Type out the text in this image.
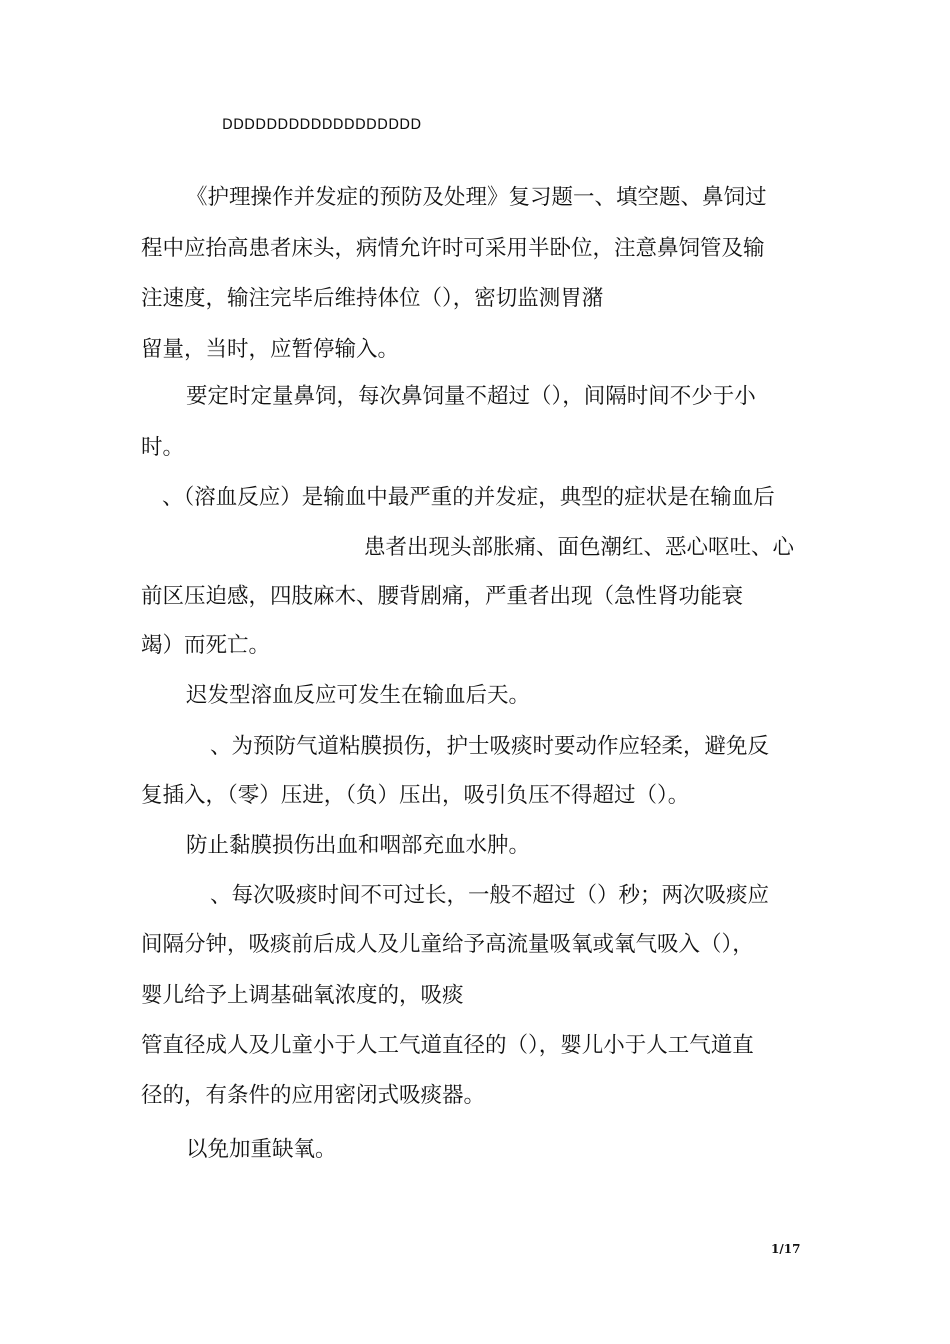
DDDDDDDDDDDDDDDDDD
《护理操作并发症的预防及处理》复习题一、填空题、鼻饲过
程中应抬高患者床头，病情允许时可采用半卧位，注意鼻饲管及输
注速度，输注完毕后维持体位（），密切监测胃潴
留量，当时，应暂停输入。
要定时定量鼻饲，每次鼻饲量不超过（），间隔时间不少于小
时。
、（溶血反应）是输血中最严重的并发症，典型的症状是在输血后
患者出现头部胀痛、面色潮红、恶心呕吐、心
前区压迫感，四肢麻木、腰背剧痛，严重者出现（急性肾功能衰
竭）而死亡。
迟发型溶血反应可发生在输血后天。
、为预防气道粘膜损伤，护士吸痰时要动作应轻柔，避免反
复插入，（零）压进，（负）压出，吸引负压不得超过（）。
防止黏膜损伤出血和咽部充血水肿。
、每次吸痰时间不可过长，一般不超过（）秒；两次吸痰应
间隔分钟，吸痰前后成人及儿童给予高流量吸氧或氧气吸入（），
婴儿给予上调基础氧浓度的，吸痰
管直径成人及儿童小于人工气道直径的（），婴儿小于人工气道直
径的，有条件的应用密闭式吸痰器。
以免加重缺氧。
1/17
